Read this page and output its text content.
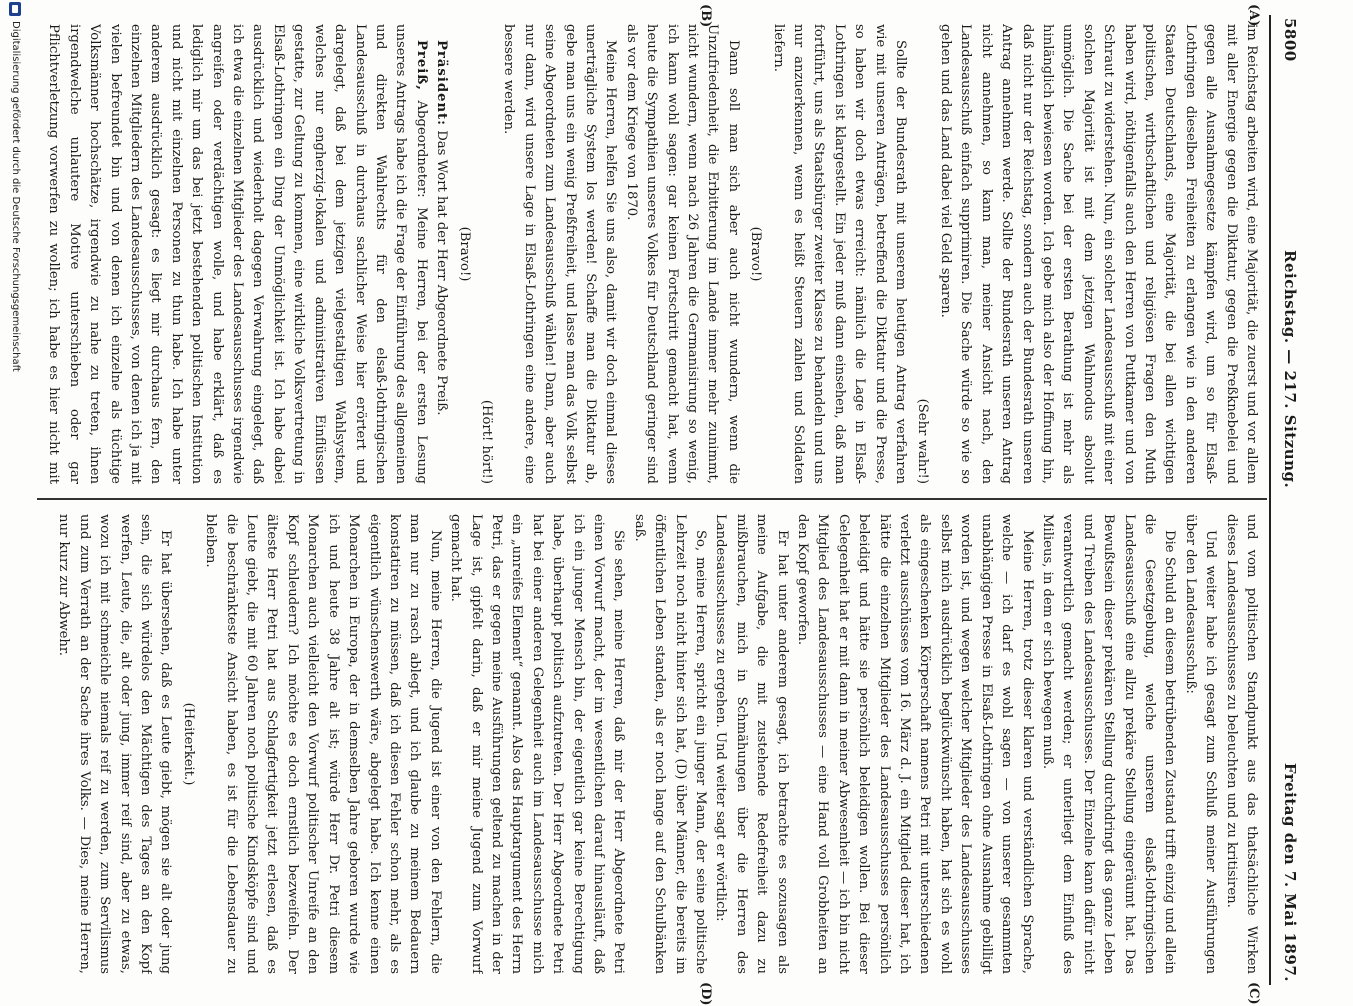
5800
Reichstag. — 217. Sitzung.
Freitag den 7. Mai 1897.
(A)
(B)
(C)
(D)

im Reichstag arbeiten wird, eine Majorität, die zuerst und vor allem mit aller Energie gegen die Diktatur, gegen die Preßknebelei und gegen alle Ausnahmegesetze kämpfen wird, um so für Elsaß-Lothringen dieselben Freiheiten zu erlangen wie in den anderen Staaten Deutschlands, eine Majorität, die bei allen wichtigen politischen, wirthschaftlichen und religiösen Fragen den Muth haben wird, nöthigenfalls auch den Herren von Puttkamer und von Schraut zu widerstehen. Nun, ein solcher Landesausschuß mit einer solchen Majorität ist mit dem jetzigen Wahlmodus absolut unmöglich. Die Sache bei der ersten Berathung ist mehr als hinlänglich bewiesen worden. Ich gebe mich also der Hoffnung hin, daß nicht nur der Reichstag, sondern auch der Bundesrath unseren Antrag annehmen werde. Sollte der Bundesrath unseren Antrag nicht annehmen, so kann man, meiner Ansicht nach, den Landesausschuß einfach supprimiren. Die Sache würde so wie so gehen und das Land dabei viel Geld sparen.

(Sehr wahr!)

Sollte der Bundesrath mit unserem heutigen Antrag verfahren wie mit unseren Anträgen, betreffend die Diktatur und die Presse, so haben wir doch etwas erreicht: nämlich die Lage in Elsaß-Lothringen ist klargestellt. Ein jeder muß dann einsehen, daß man fortführt, uns als Staatsbürger zweiter Klasse zu behandeln und uns nur anzuerkennen, wenn es heißt Steuern zahlen und Soldaten liefern.

(Bravo!)

Dann soll man sich aber auch nicht wundern, wenn die Unzufriedenheit, die Erbitterung im Lande immer mehr zunimmt, nicht wundern, wenn nach 26 Jahren die Germanisirung so wenig, ich kann wohl sagen: gar keinen Fortschritt gemacht hat, wenn heute die Sympathien unseres Volkes für Deutschland geringer sind als vor dem Kriege von 1870.

Meine Herren, helfen Sie uns also, damit wir doch einmal dieses unerträgliche System los werden! Schaffe man die Diktatur ab, gebe man uns ein wenig Preßfreiheit, und lasse man das Volk selbst seine Abgeordneten zum Landesausschuß wählen! Dann, aber auch nur dann, wird unsere Lage in Elsaß-Lothringen eine andere, eine bessere werden.

(Hört! hört!)

(Bravo!)

Präsident: Das Wort hat der Herr Abgeordnete Preiß.

Preiß, Abgeordneter: Meine Herren, bei der ersten Lesung unseres Antrags habe ich die Frage der Einführung des allgemeinen und direkten Wahlrechts für den elsaß-lothringischen Landesausschuß in durchaus sachlicher Weise hier erörtert und dargelegt, daß bei dem jetzigen vielgestaltigen Wahlsystem, welches nur engherzig-lokalen und administrativen Einflüssen gestatte, zur Geltung zu kommen, eine wirkliche Volksvertretung in Elsaß-Lothringen ein Ding der Unmöglichkeit ist. Ich habe dabei ausdrücklich und wiederholt dagegen Verwahrung eingelegt, daß ich etwa die einzelnen Mitglieder des Landesausschusses irgendwie angreifen oder verdächtigen wolle, und habe erklärt, daß es lediglich mir um das bei jetzt bestehenden politischen Institution und nicht mit einzelnen Personen zu thun habe. Ich habe unter anderem ausdrücklich gesagt: es liegt mir durchaus fern, den einzelnen Mitgliedern des Landesausschusses, von denen ich ja mit vielen befreundet bin und von denen ich einzelne als tüchtige Volksmänner hochschätze, irgendwie zu nahe zu treten, ihnen irgendwelche unlautere Motive unterschieben oder gar Pflichtverletzung vorwerfen zu wollen; ich habe es hier nicht mit

und vom politischen Standpunkt aus das thatsächliche Wirken dieses Landesausschusses zu beleuchten und zu kritisiren.

Und weiter habe ich gesagt zum Schluß meiner Ausführungen über den Landesausschuß:

Die Schuld an diesem betrübenden Zustand trifft einzig und allein die Gesetzgebung, welche unserem elsaß-lothringischen Landesausschuß eine allzu prekäre Stellung eingeräumt hat. Das Bewußtsein dieser prekären Stellung durchdringt das ganze Leben und Treiben des Landesausschusses. Der Einzelne kann dafür nicht verantwortlich gemacht werden; er unterliegt dem Einfluß des Milieus, in dem er sich bewegen muß.

Meine Herren, trotz dieser klaren und verständlichen Sprache, welche — ich darf es wohl sagen — von unserer gesammten unabhängigen Presse in Elsaß-Lothringen ohne Ausnahme gebilligt worden ist, und wegen welcher Mitglieder des Landesausschusses selbst mich ausdrücklich beglückwünscht haben, hat sich es wohl als eingeschenken Körperschaft namens Petri mit unterschiedenen verletzt ausschüsses vom 16. März d. J. ein Mitglied dieser hat, ich hätte die einzelnen Mitglieder des Landesausschusses persönlich beleidigt und hätte sie persönlich beleidigen wollen. Bei dieser Gelegenheit hat er mit dann in meiner Abwesenheit — ich bin nicht Mitglied des Landesausschusses — eine Hand voll Grobheiten an den Kopf geworfen.

Er hat unter anderem gesagt, ich betrachte es sozusagen als meine Aufgabe, die mit zustehende Redefreiheit dazu zu mißbrauchen, mich in Schmähungen über die Herren des Landesausschusses zu ergehen. Und weiter sagt er wörtlich:

So, meine Herren, spricht ein junger Mann, der seine politische Lehrzeit noch nicht hinter sich hat, (D) über Männer, die bereits im öffentlichen Leben standen, als er noch lange auf den Schulbänken saß.

Sie sehen, meine Herren, daß mir der Herr Abgeordnete Petri einen Vorwurf macht, der im wesentlichen darauf hinausläuft, daß ich ein junger Mensch bin, der eigentlich gar keine Berechtigung habe, überhaupt politisch aufzutreten. Der Herr Abgeordnete Petri hat bei einer anderen Gelegenheit auch im Landesausschusse mich ein „unreifes Element“ genannt. Also das Hauptargument des Herrn Petri, das er gegen meine Ausführungen geltend zu machen in der Lage ist, gipfelt darin, daß er mir meine Jugend zum Vorwurf gemacht hat.

Nun, meine Herren, die Jugend ist einer von den Fehlern, die man nur zu rasch ablegt, und ich glaube zu meinem Bedauern konstatiren zu müssen, daß ich diesen Fehler schon mehr, als es eigentlich wünschenswerth wäre, abgelegt habe. Ich kenne einen Monarchen in Europa, der in demselben Jahre geboren wurde wie ich und heute 38 Jahre alt ist; würde Herr Dr. Petri diesem Monarchen auch vielleicht den Vorwurf politischer Unreife an den Kopf schleudern? Ich möchte es doch ernstlich bezweifeln. Der älteste Herr Petri hat aus Schlagfertigkeit jetzt erlesen, daß es Leute giebt, die mit 60 Jahren noch politische Kindsköpfe sind und die beschränkteste Ansicht haben, es ist für die Lebensdauer zu bleiben.

(Heiterkeit.)

Er hat übersehen, daß es Leute giebt, mögen sie alt oder jung sein, die sich würdelos den Mächtigen des Tages an den Kopf werfen, Leute, die, alt oder jung, immer reif sind, aber zu etwas, wozu ich mit schmeichle niemals reif zu werden, zum Servilismus und zum Verrath an der Sache ihres Volks. — Dies, meine Herren, nur kurz zur Abwehr.

Digitalisierung gefördert durch die Deutsche Forschungsgemeinschaft
